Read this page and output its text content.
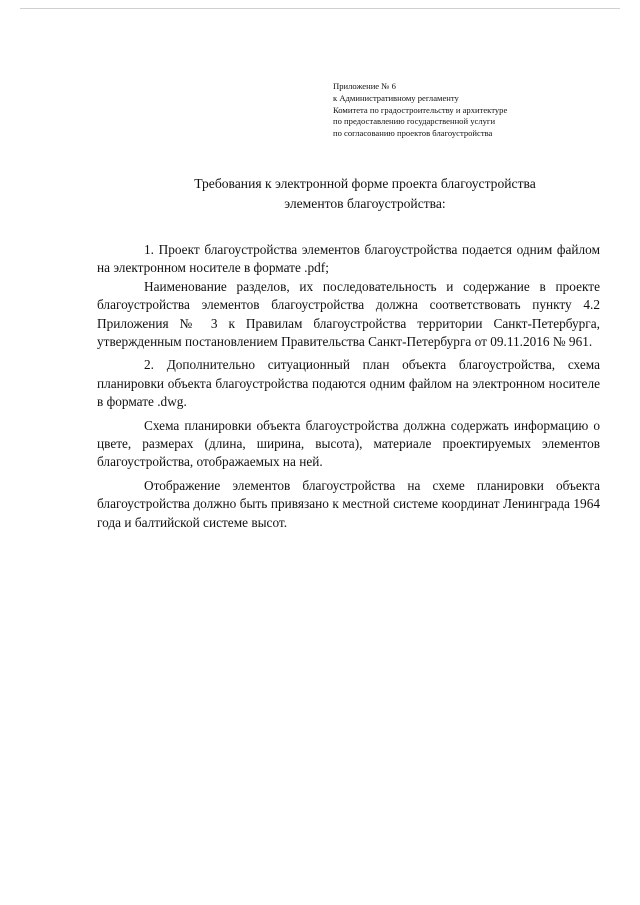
Приложение № 6
к Административному регламенту
Комитета по градостроительству и архитектуре
по предоставлению государственной услуги
по согласованию проектов благоустройства
Требования к электронной форме проекта благоустройства
элементов благоустройства:

1. Проект благоустройства элементов благоустройства подается одним файлом на электронном носителе в формате .pdf;

Наименование разделов, их последовательность и содержание в проекте благоустройства элементов благоустройства должна соответствовать пункту 4.2 Приложения № 3 к Правилам благоустройства территории Санкт-Петербурга, утвержденным постановлением Правительства Санкт-Петербурга от 09.11.2016 № 961.

2. Дополнительно ситуационный план объекта благоустройства, схема планировки объекта благоустройства подаются одним файлом на электронном носителе в формате .dwg.

Схема планировки объекта благоустройства должна содержать информацию о цвете, размерах (длина, ширина, высота), материале проектируемых элементов благоустройства, отображаемых на ней.

Отображение элементов благоустройства на схеме планировки объекта благоустройства должно быть привязано к местной системе координат Ленинграда 1964 года и балтийской системе высот.
